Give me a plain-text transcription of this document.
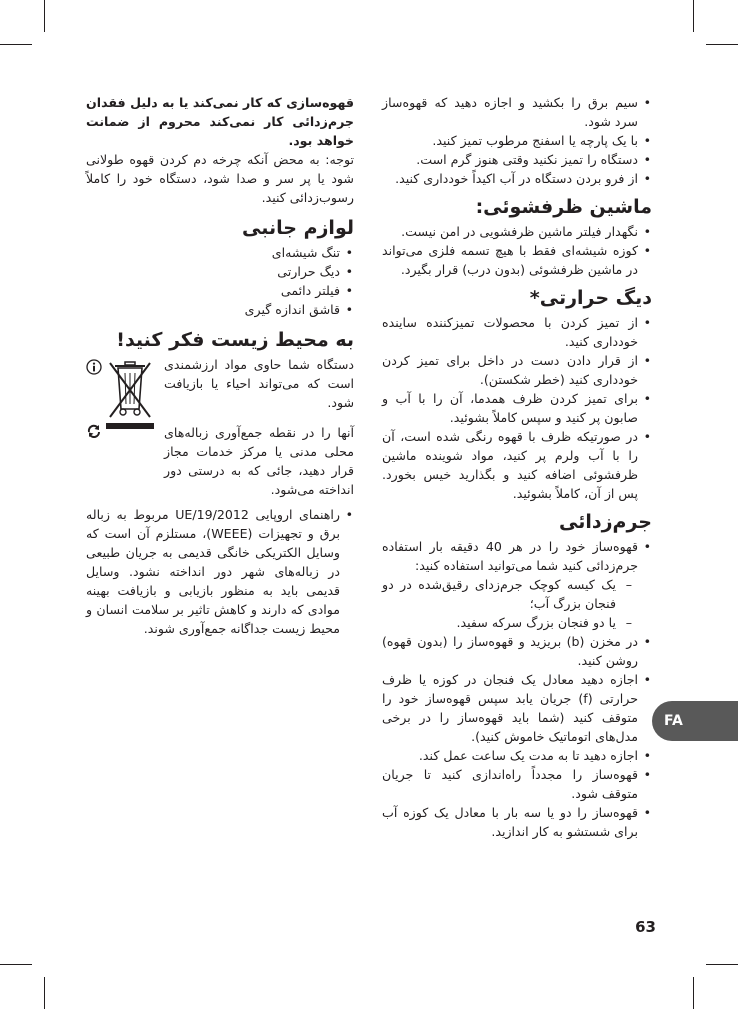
• سیم برق را بکشید و اجازه دهید که قهوه‌ساز سرد شود.
• با یک پارچه یا اسفنج مرطوب تمیز کنید.
• دستگاه را تمیز نکنید وقتی هنوز گرم است.
• از فرو بردن دستگاه در آب اکیداً خودداری کنید.
ماشین ظرفشوئی:
• نگهدار فیلتر ماشین ظرفشویی در امن نیست.
• کوزه شیشه‌ای فقط با هیچ تسمه فلزی می‌تواند در ماشین ظرفشوئی (بدون درب) قرار بگیرد.
دیگ حرارتی*
• از تمیز کردن با محصولات تمیزکننده ساینده خودداری کنید.
• از قرار دادن دست در داخل برای تمیز کردن خودداری کنید (خطر شکستن).
• برای تمیز کردن ظرف همدما، آن را با آب و صابون پر کنید و سپس کاملاً بشوئید.
• در صورتیکه ظرف با قهوه رنگی شده است، آن را با آب ولرم پر کنید، مواد شوینده ماشین ظرفشوئی اضافه کنید و بگذارید خیس بخورد. پس از آن، کاملاً بشوئید.
جرم‌زدائی
• قهوه‌ساز خود را در هر 40 دقیقه بار استفاده جرم‌زدائی کنید شما می‌توانید استفاده کنید:
– یک کیسه کوچک جرم‌زدای رقیق‌شده در دو فنجان بزرگ آب؛
– یا دو فنجان بزرگ سرکه سفید.
• در مخزن (b) بریزید و قهوه‌ساز را (بدون قهوه) روشن کنید.
• اجازه دهید معادل یک فنجان در کوزه یا ظرف حرارتی (f) جریان یابد سپس قهوه‌ساز خود را متوقف کنید (شما باید قهوه‌ساز را در برخی مدل‌های اتوماتیک خاموش کنید).
• اجازه دهید تا به مدت یک ساعت عمل کند.
• قهوه‌ساز را مجدداً راه‌اندازی کنید تا جریان متوقف شود.
• قهوه‌ساز را دو یا سه بار با معادل یک کوزه آب برای شستشو به کار اندازید.

قهوه‌سازی که کار نمی‌کند یا به دلیل فقدان جرم‌زدائی کار نمی‌کند محروم از ضمانت خواهد بود.

توجه: به محض آنکه چرخه دم کردن قهوه طولانی شود یا پر سر و صدا شود، دستگاه خود را کاملاً رسوب‌زدائی کنید.

لوازم جانبی
• تنگ شیشه‌ای
• دیگ حرارتی
• فیلتر دائمی
• قاشق اندازه گیری
به محیط زیست فکر کنید!

دستگاه شما حاوی مواد ارزشمندی است که می‌تواند احیاء یا بازیافت شود.

آنها را در نقطه جمع‌آوری زباله‌های محلی مدنی یا مرکز خدمات مجاز قرار دهید، جائی که به درستی دور انداخته می‌شود.

• راهنمای اروپایی UE/19/2012 مربوط به زباله برق و تجهیزات (WEEE)، مستلزم آن است که وسایل الکتریکی خانگی قدیمی به جریان طبیعی در زباله‌های شهر دور انداخته نشود. وسایل قدیمی باید به منظور بازیابی و بازیافت بهینه موادی که دارند و کاهش تاثیر بر سلامت انسان و محیط زیست جداگانه جمع‌آوری شوند.
FA
63
